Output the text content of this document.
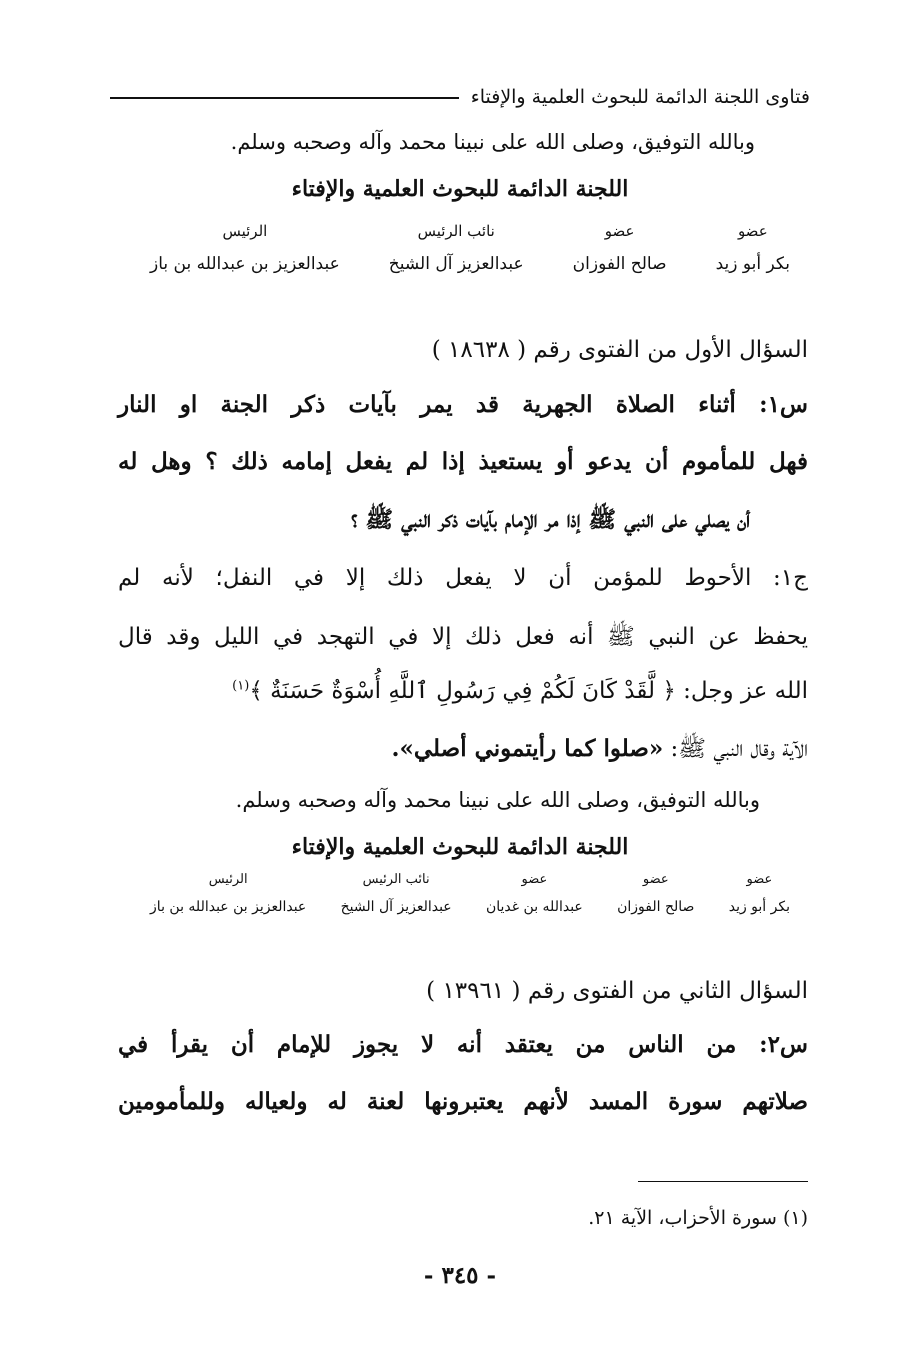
فتاوى اللجنة الدائمة للبحوث العلمية والإفتاء
وبالله التوفيق، وصلى الله على نبينا محمد وآله وصحبه وسلم.
اللجنة الدائمة للبحوث العلمية والإفتاء
عضو
بكر أبو زيد
عضو
صالح الفوزان
نائب الرئيس
عبدالعزيز آل الشيخ
الرئيس
عبدالعزيز بن عبدالله بن باز
السؤال الأول من الفتوى رقم ( ١٨٦٣٨ )
س١: أثناء الصلاة الجهرية قد يمر بآيات ذكر الجنة او النار
فهل للمأموم أن يدعو أو يستعيذ إذا لم يفعل إمامه ذلك ؟ وهل له
أن يصلي على النبي ﷺ إذا مر الإمام بآيات ذكر النبي ﷺ ؟
ج١: الأحوط للمؤمن أن لا يفعل ذلك إلا في النفل؛ لأنه لم
يحفظ عن النبي ﷺ أنه فعل ذلك إلا في التهجد في الليل وقد قال
الله عز وجل: ﴿ لَّقَدْ كَانَ لَكُمْ فِي رَسُولِ ٱللَّهِ أُسْوَةٌ حَسَنَةٌ ﴾$^{(١)}$
الآية وقال النبي ﷺ: «صلوا كما رأيتموني أصلي».
وبالله التوفيق، وصلى الله على نبينا محمد وآله وصحبه وسلم.
اللجنة الدائمة للبحوث العلمية والإفتاء
عضو
بكر أبو زيد
عضو
صالح الفوزان
عضو
عبدالله بن غديان
نائب الرئيس
عبدالعزيز آل الشيخ
الرئيس
عبدالعزيز بن عبدالله بن باز
السؤال الثاني من الفتوى رقم ( ١٣٩٦١ )
س٢: من الناس من يعتقد أنه لا يجوز للإمام أن يقرأ في
صلاتهم سورة المسد لأنهم يعتبرونها لعنة له ولعياله وللمأمومين
(١) سورة الأحزاب، الآية ٢١.
- ٣٤٥ -
